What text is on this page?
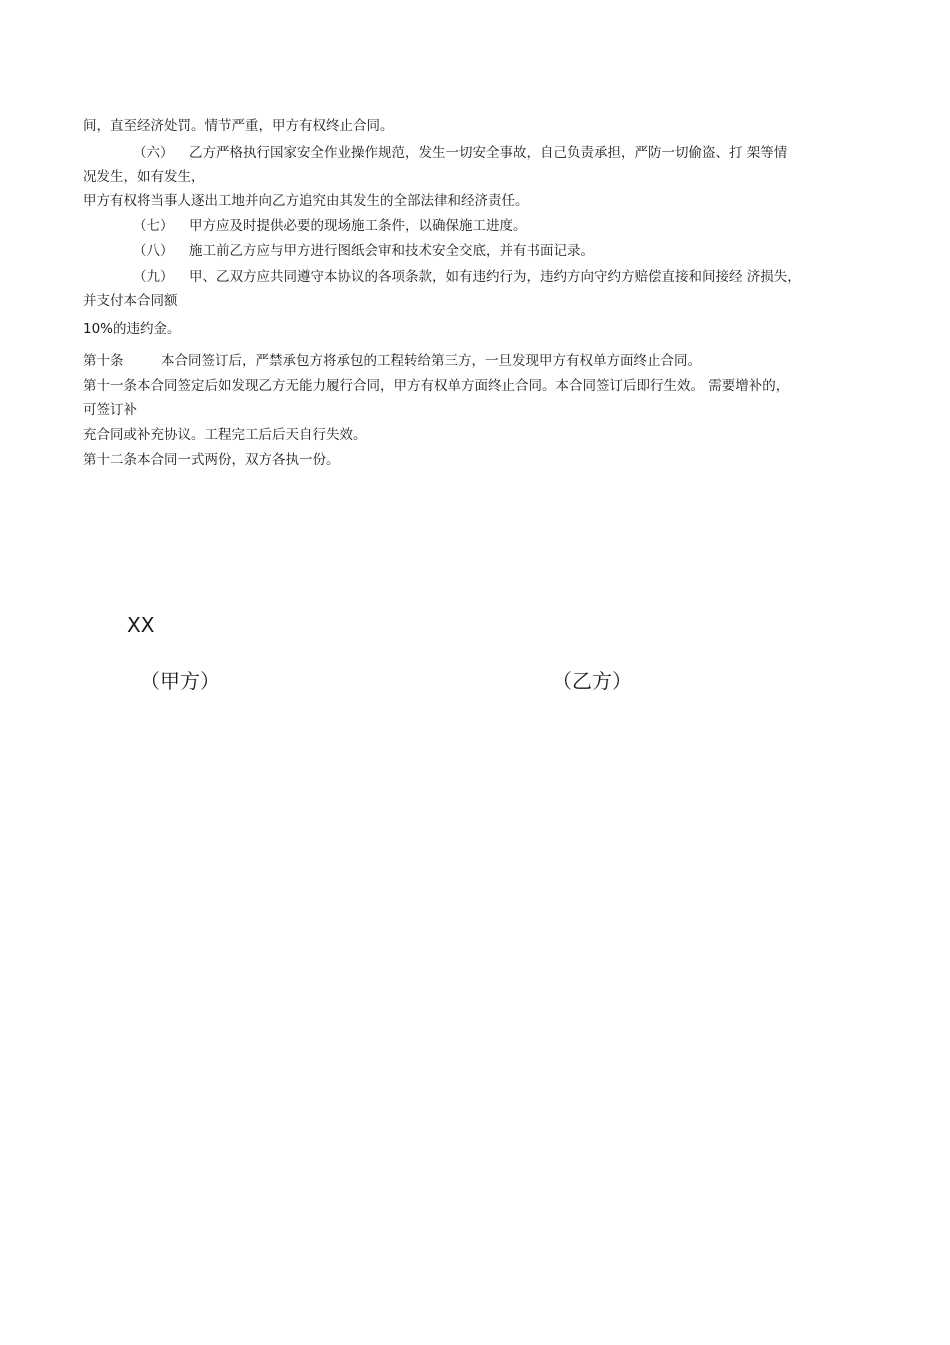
间，直至经济处罚。情节严重，甲方有权终止合同。
（六） 乙方严格执行国家安全作业操作规范，发生一切安全事故，自己负责承担，严防一切偷盗、打 架等情
况发生，如有发生，
甲方有权将当事人逐出工地并向乙方追究由其发生的全部法律和经济责任。
（七） 甲方应及时提供必要的现场施工条件，以确保施工进度。
（八） 施工前乙方应与甲方进行图纸会审和技术安全交底，并有书面记录。
（九） 甲、乙双方应共同遵守本协议的各项条款，如有违约行为，违约方向守约方赔偿直接和间接经 济损失，
并支付本合同额
10%的违约金。
第十条	本合同签订后，严禁承包方将承包的工程转给第三方，一旦发现甲方有权单方面终止合同。
第十一条本合同签定后如发现乙方无能力履行合同，甲方有权单方面终止合同。本合同签订后即行生效。 需要增补的，
可签订补
充合同或补充协议。工程完工后后天自行失效。
第十二条本合同一式两份，双方各执一份。
XX
（甲方）	（乙方）
